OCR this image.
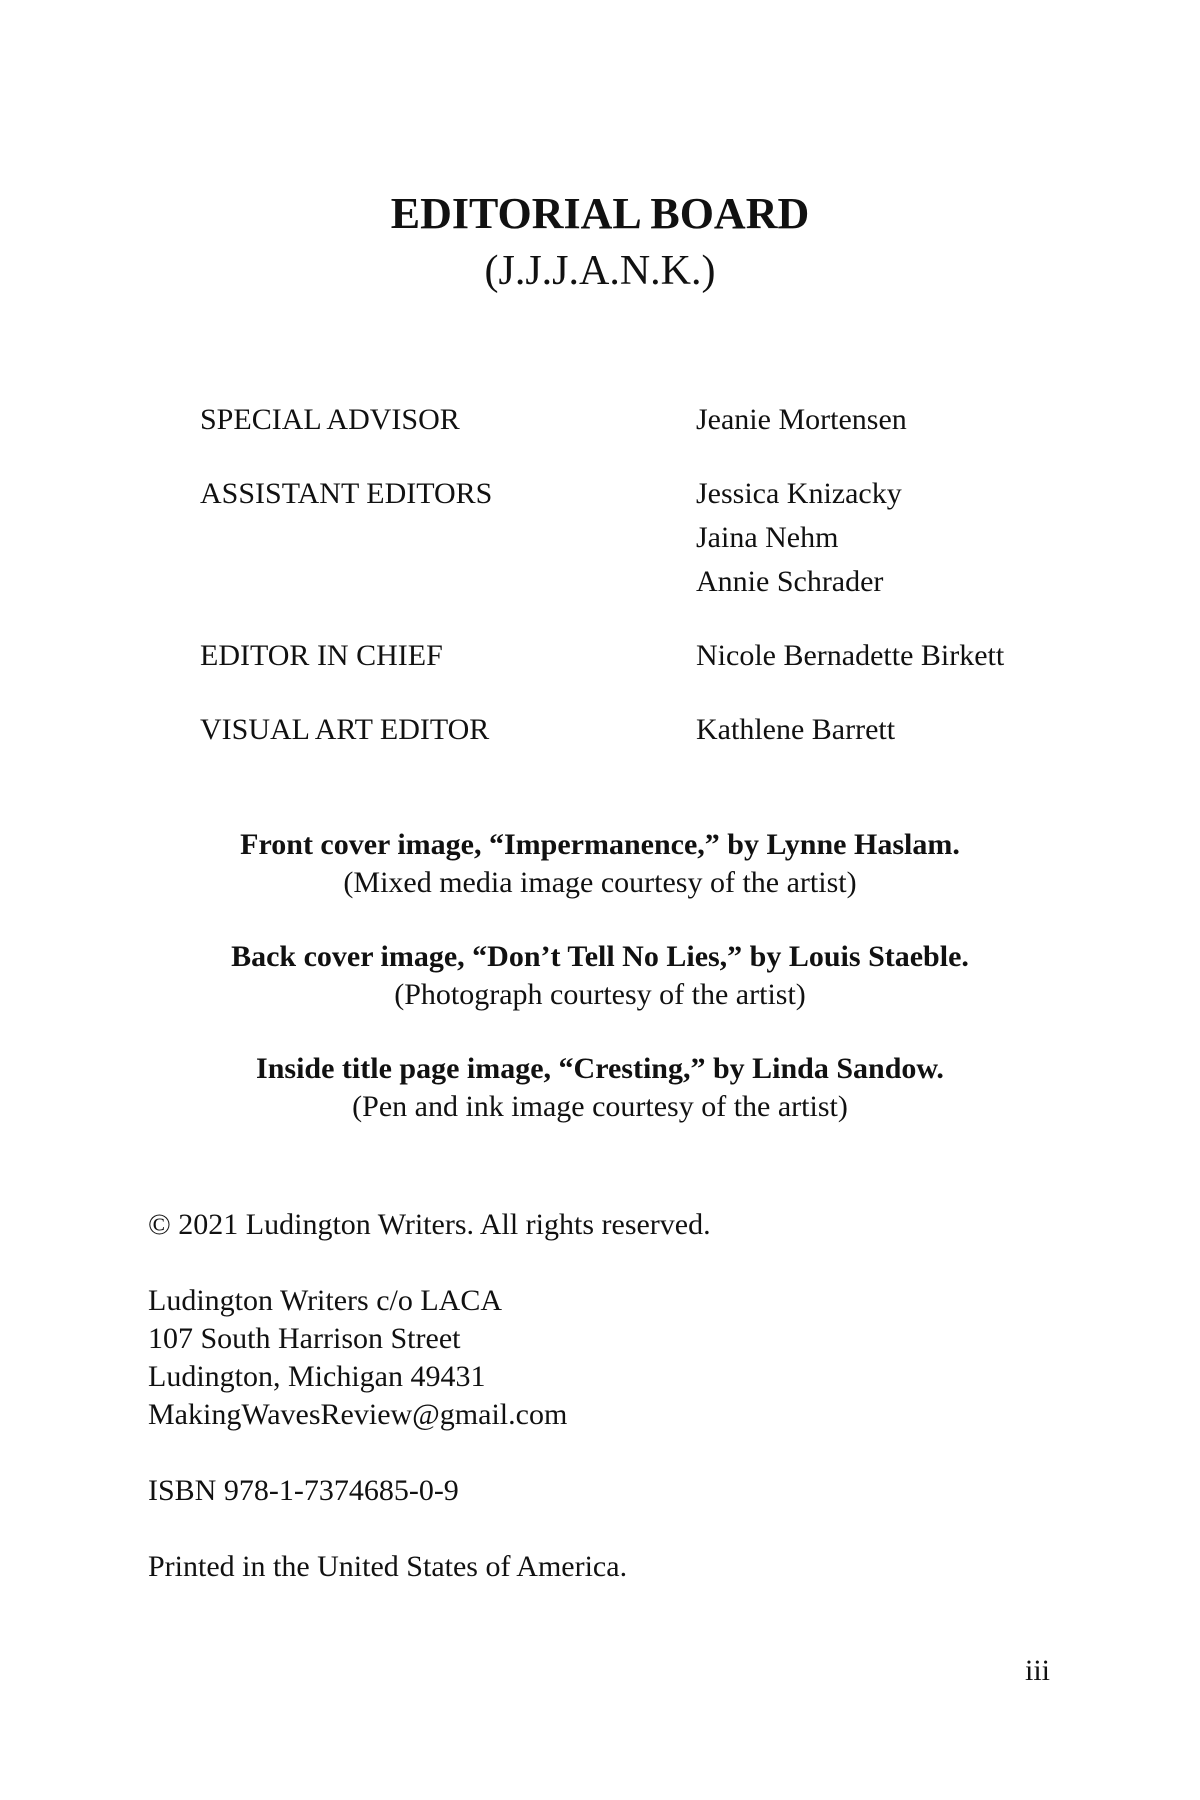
EDITORIAL BOARD
(J.J.J.A.N.K.)
SPECIAL ADVISOR	Jeanie Mortensen
ASSISTANT EDITORS	Jessica Knizacky
Jaina Nehm
Annie Schrader
EDITOR IN CHIEF	Nicole Bernadette Birkett
VISUAL ART EDITOR	Kathlene Barrett
Front cover image, “Impermanence,” by Lynne Haslam.
(Mixed media image courtesy of the artist)
Back cover image, “Don’t Tell No Lies,” by Louis Staeble.
(Photograph courtesy of the artist)
Inside title page image, “Cresting,” by Linda Sandow.
(Pen and ink image courtesy of the artist)
© 2021 Ludington Writers. All rights reserved.
Ludington Writers c/o LACA
107 South Harrison Street
Ludington, Michigan 49431
MakingWavesReview@gmail.com
ISBN 978-1-7374685-0-9
Printed in the United States of America.
iii
